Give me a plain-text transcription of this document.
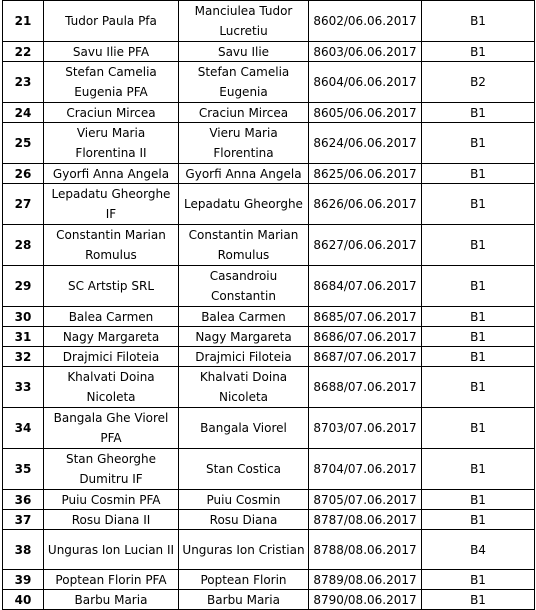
21	Tudor Paula Pfa	Manciulea Tudor Lucretiu	8602/06.06.2017	B1
22	Savu Ilie PFA	Savu Ilie	8603/06.06.2017	B1
23	Stefan Camelia Eugenia PFA	Stefan Camelia Eugenia	8604/06.06.2017	B2
24	Craciun Mircea	Craciun Mircea	8605/06.06.2017	B1
25	Vieru Maria Florentina II	Vieru Maria Florentina	8624/06.06.2017	B1
26	Gyorfi Anna Angela	Gyorfi Anna Angela	8625/06.06.2017	B1
27	Lepadatu Gheorghe IF	Lepadatu Gheorghe	8626/06.06.2017	B1
28	Constantin Marian Romulus	Constantin Marian Romulus	8627/06.06.2017	B1
29	SC Artstip SRL	Casandroiu Constantin	8684/07.06.2017	B1
30	Balea Carmen	Balea Carmen	8685/07.06.2017	B1
31	Nagy Margareta	Nagy Margareta	8686/07.06.2017	B1
32	Drajmici Filoteia	Drajmici Filoteia	8687/07.06.2017	B1
33	Khalvati Doina Nicoleta	Khalvati Doina Nicoleta	8688/07.06.2017	B1
34	Bangala Ghe Viorel PFA	Bangala Viorel	8703/07.06.2017	B1
35	Stan Gheorghe Dumitru IF	Stan Costica	8704/07.06.2017	B1
36	Puiu Cosmin PFA	Puiu Cosmin	8705/07.06.2017	B1
37	Rosu Diana II	Rosu Diana	8787/08.06.2017	B1
38	Unguras Ion Lucian II	Unguras Ion Cristian	8788/08.06.2017	B4
39	Poptean Florin PFA	Poptean Florin	8789/08.06.2017	B1
40	Barbu Maria	Barbu Maria	8790/08.06.2017	B1
